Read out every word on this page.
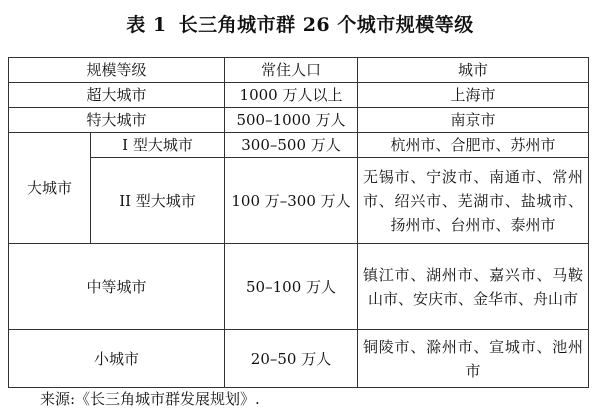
表 1 长三角城市群 26 个城市规模等级
规模等级		常住人口	城市
超大城市		1000 万人以上	上海市
特大城市		500–1000 万人	南京市
大城市	I 型大城市	300–500 万人	杭州市、合肥市、苏州市
	II 型大城市	100 万–300 万人	无锡市、宁波市、南通市、常州市、绍兴市、芜湖市、盐城市、扬州市、台州市、泰州市
中等城市		50–100 万人	镇江市、湖州市、嘉兴市、马鞍山市、安庆市、金华市、舟山市
小城市		20–50 万人	铜陵市、滁州市、宣城市、池州市
来源:《长三角城市群发展规划》.
